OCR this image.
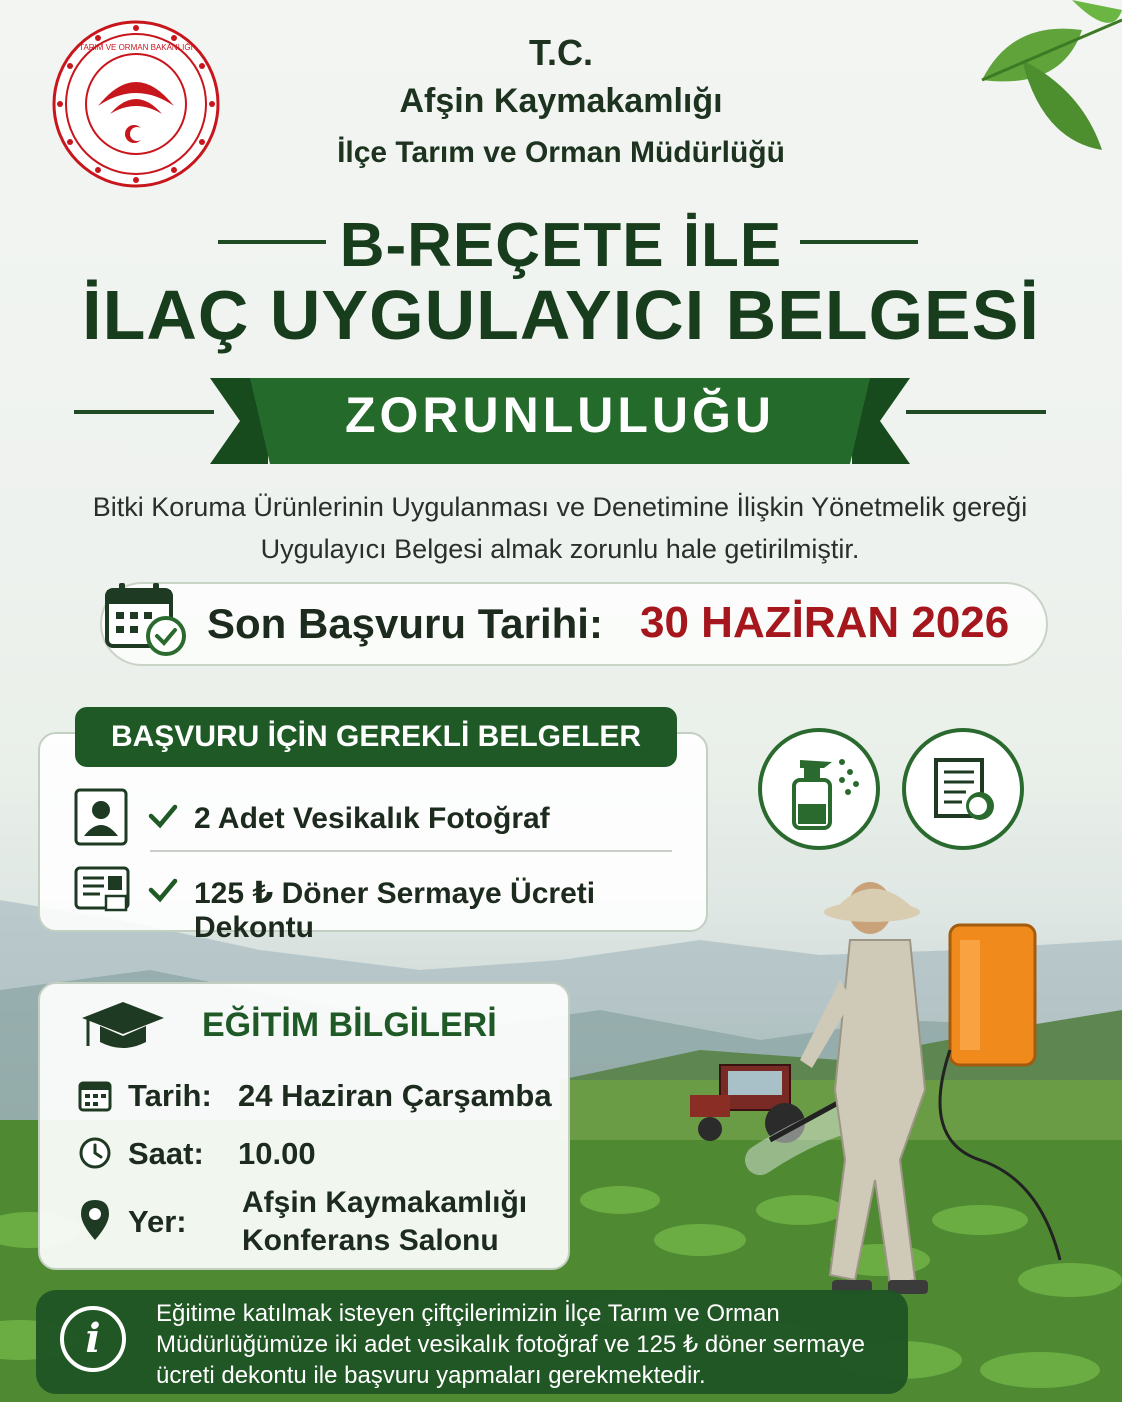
TARIM VE ORMAN BAKANLIĞI	T.C.
Afşin Kaymakamlığı
İlçe Tarım ve Orman Müdürlüğü
B-REÇETE İLE
İLAÇ UYGULAYICI BELGESİ
ZORUNLULUĞU
Bitki Koruma Ürünlerinin Uygulanması ve Denetimine İlişkin Yönetmelik gereği
Uygulayıcı Belgesi almak zorunlu hale getirilmiştir.
Son Başvuru Tarihi: 30 HAZİRAN 2026
BAŞVURU İÇİN GEREKLİ BELGELER
2 Adet Vesikalık Fotoğraf
125 ₺ Döner Sermaye Ücreti Dekontu
EĞİTİM BİLGİLERİ
Tarih: 24 Haziran Çarşamba
Saat: 10.00
Yer:
Afşin Kaymakamlığı
Konferans Salonu
i
Eğitime katılmak isteyen çiftçilerimizin İlçe Tarım ve Orman Müdürlüğümüze iki adet vesikalık fotoğraf ve 125 ₺ döner sermaye ücreti dekontu ile başvuru yapmaları gerekmektedir.
